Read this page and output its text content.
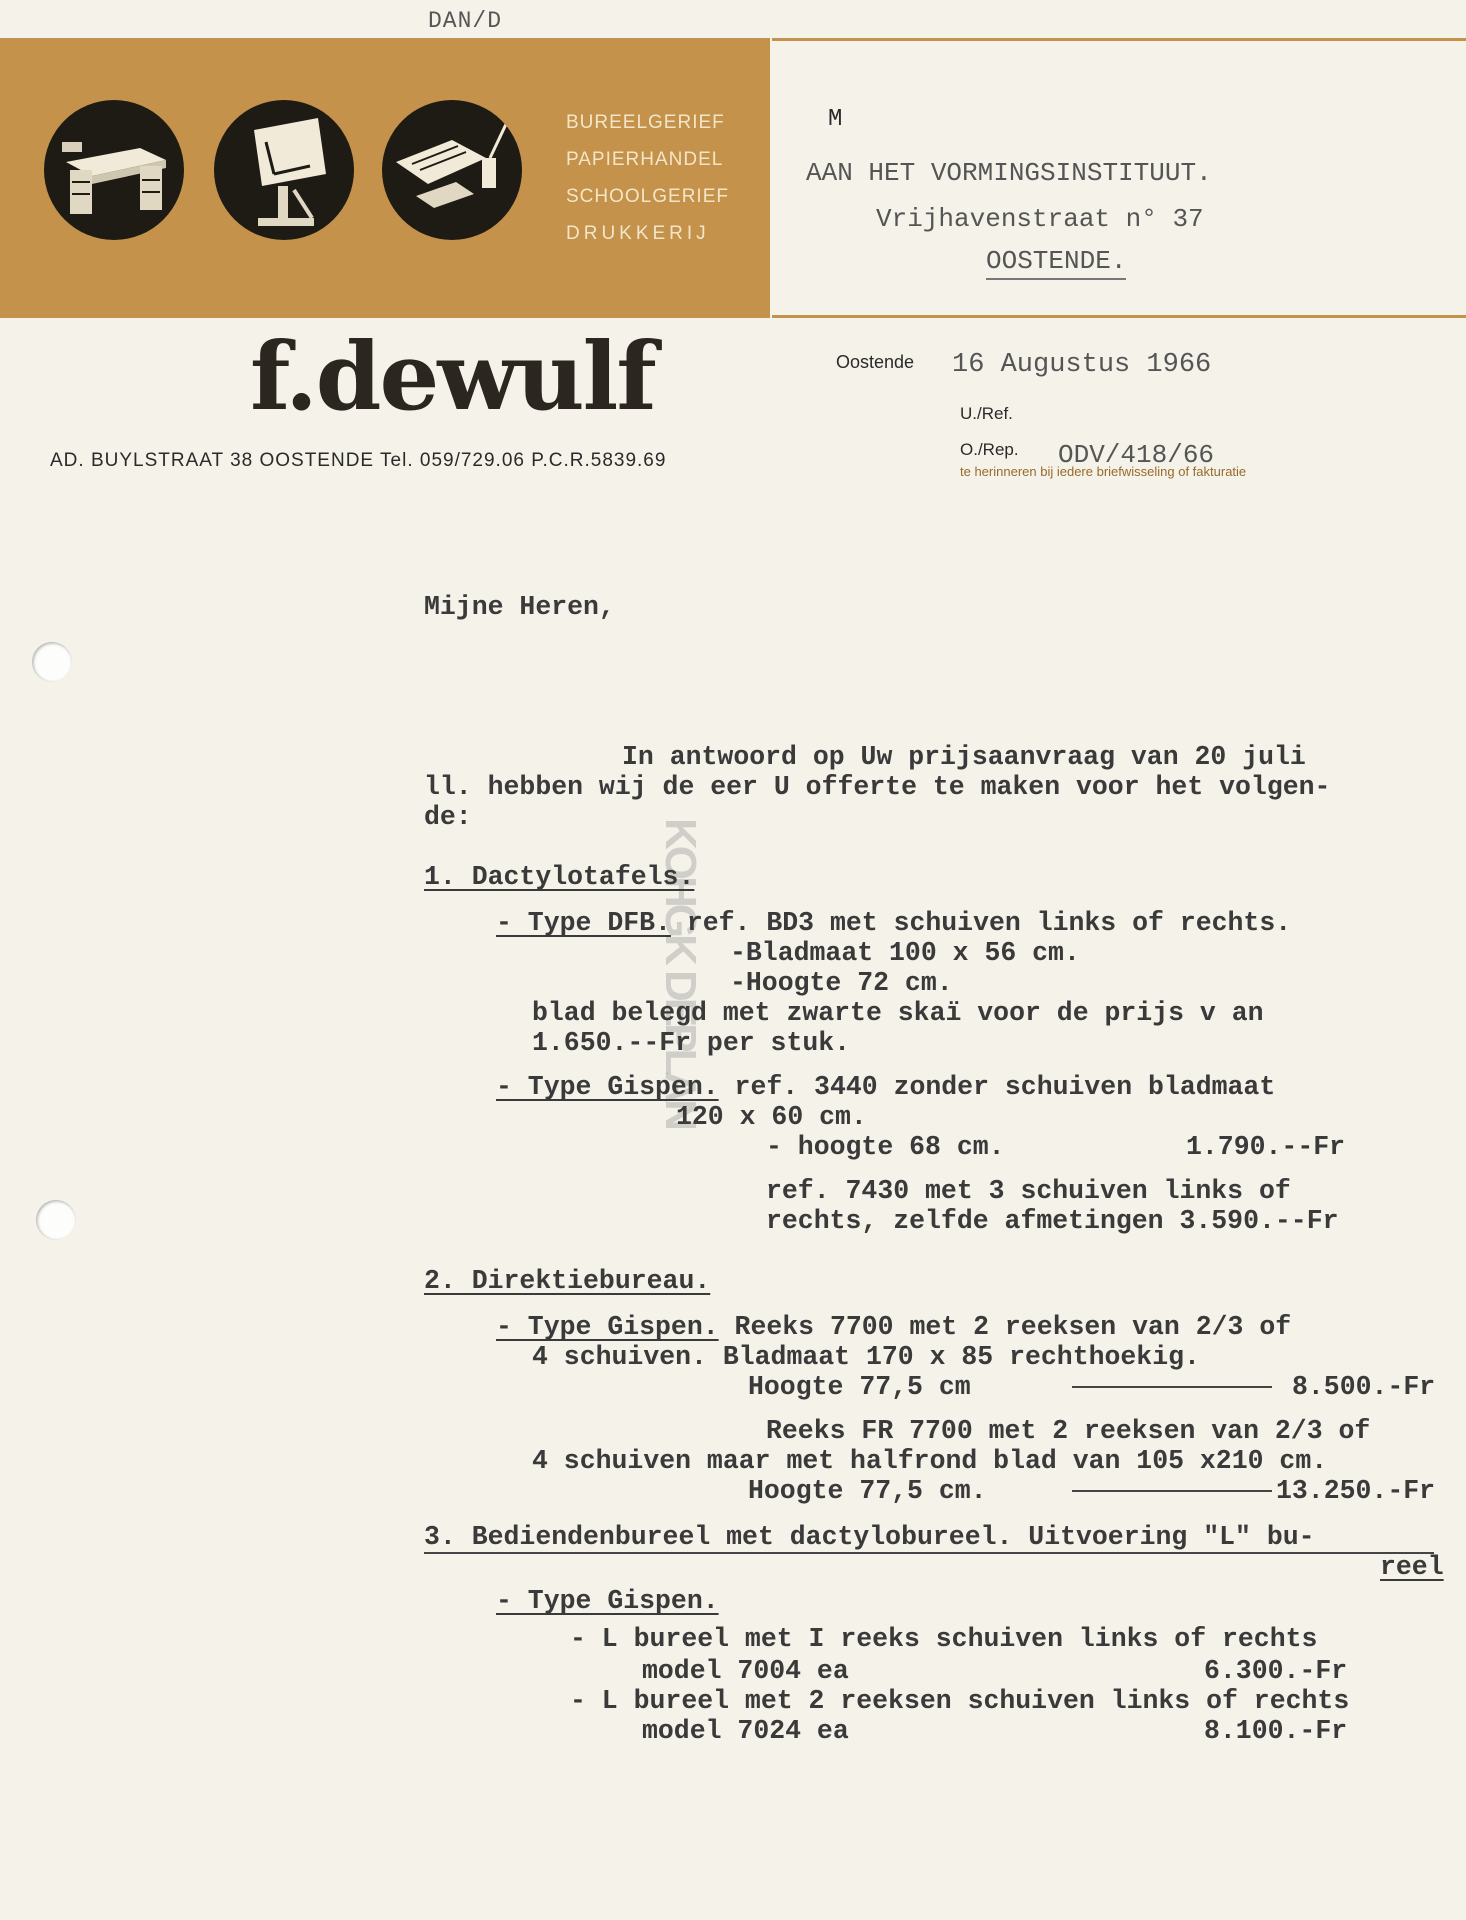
DAN/D
BUREELGERIEF
PAPIERHANDEL
SCHOOLGERIEF
DRUKKERIJ
M
AAN HET VORMINGSINSTITUUT.
Vrijhavenstraat n° 37
OOSTENDE.
f.dewulf
AD. BUYLSTRAAT 38 OOSTENDE Tel. 059/729.06 P.C.R.5839.69
Oostende 16 Augustus 1966
U./Ref.
O./Rep. ODV/418/66
te herinneren bij iedere briefwisseling of fakturatie
KOHGK DEPLAN
Mijne Heren,
In antwoord op Uw prijsaanvraag van 20 juli
ll. hebben wij de eer U offerte te maken voor het volgen-
de:
1. Dactylotafels.
- Type DFB. ref. BD3 met schuiven links of rechts.
-Bladmaat 100 x 56 cm.
-Hoogte 72 cm.
blad belegd met zwarte skaï voor de prijs v an
1.650.--Fr per stuk.
- Type Gispen. ref. 3440 zonder schuiven bladmaat
120 x 60 cm.
- hoogte 68 cm.	1.790.--Fr
ref. 7430 met 3 schuiven links of
rechts, zelfde afmetingen 3.590.--Fr
2. Direktiebureau.
- Type Gispen. Reeks 7700 met 2 reeksen van 2/3 of
4 schuiven. Bladmaat 170 x 85 rechthoekig.
Hoogte 77,5 cm	8.500.-Fr
Reeks FR 7700 met 2 reeksen van 2/3 of
4 schuiven maar met halfrond blad van 105 x210 cm.
Hoogte 77,5 cm.	13.250.-Fr
3. Bediendenbureel met dactylobureel. Uitvoering "L" bu-
reel
- Type Gispen.
- L bureel met I reeks schuiven links of rechts
model 7004 ea	6.300.-Fr
- L bureel met 2 reeksen schuiven links of rechts
model 7024 ea	8.100.-Fr
